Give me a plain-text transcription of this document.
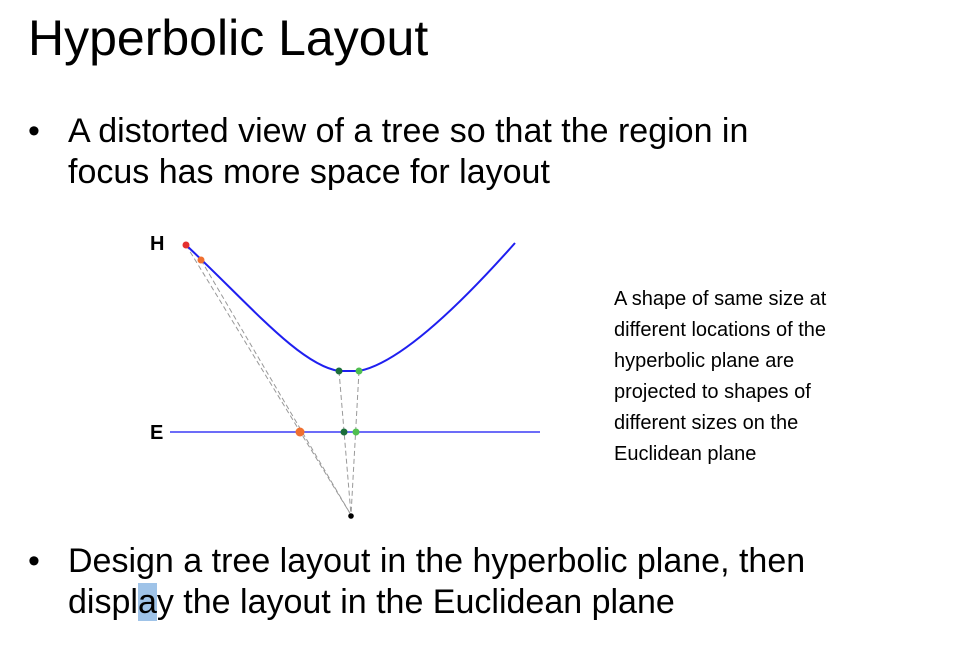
Hyperbolic Layout
• A distorted view of a tree so that the region in
focus has more space for layout
H
E
A shape of same size at
different locations of the
hyperbolic plane are
projected to shapes of
different sizes on the
Euclidean plane
• Design a tree layout in the hyperbolic plane, then
display the layout in the Euclidean plane
